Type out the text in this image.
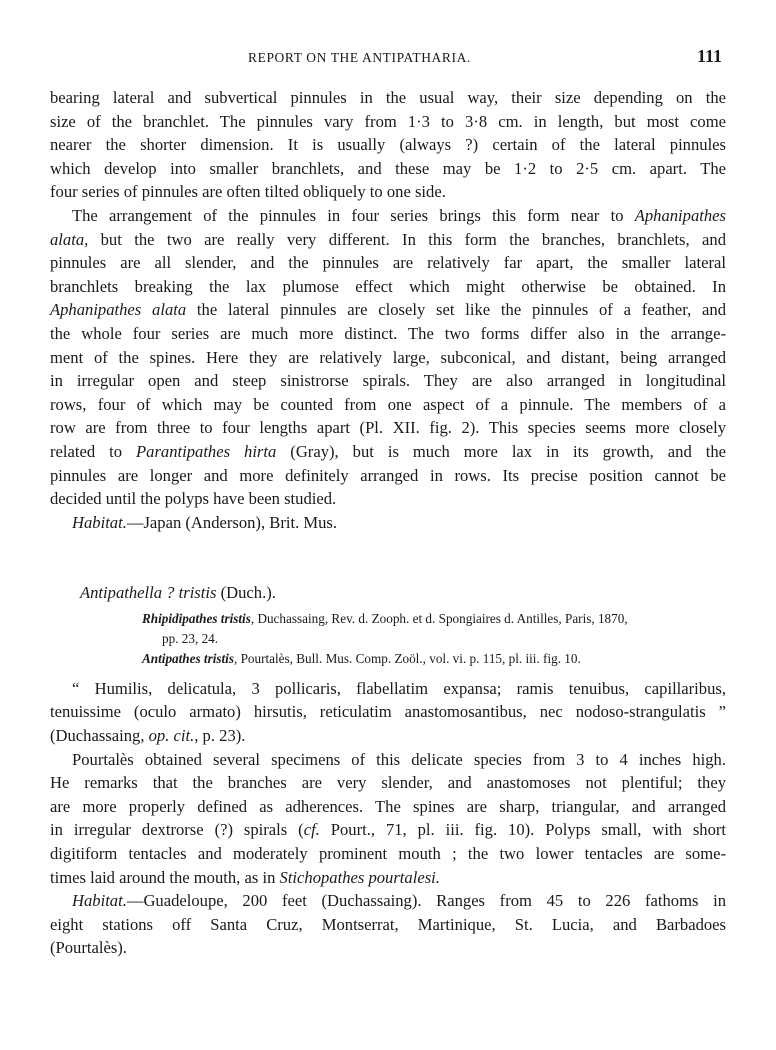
REPORT ON THE ANTIPATHARIA.	111
bearing lateral and subvertical pinnules in the usual way, their size depending on the
size of the branchlet. The pinnules vary from 1·3 to 3·8 cm. in length, but most come
nearer the shorter dimension. It is usually (always ?) certain of the lateral pinnules
which develop into smaller branchlets, and these may be 1·2 to 2·5 cm. apart. The
four series of pinnules are often tilted obliquely to one side.
The arrangement of the pinnules in four series brings this form near to Aphanipathes
alata, but the two are really very different. In this form the branches, branchlets, and
pinnules are all slender, and the pinnules are relatively far apart, the smaller lateral
branchlets breaking the lax plumose effect which might otherwise be obtained. In
Aphanipathes alata the lateral pinnules are closely set like the pinnules of a feather, and
the whole four series are much more distinct. The two forms differ also in the arrange-
ment of the spines. Here they are relatively large, subconical, and distant, being arranged
in irregular open and steep sinistrorse spirals. They are also arranged in longitudinal
rows, four of which may be counted from one aspect of a pinnule. The members of a
row are from three to four lengths apart (Pl. XII. fig. 2). This species seems more closely
related to Parantipathes hirta (Gray), but is much more lax in its growth, and the
pinnules are longer and more definitely arranged in rows. Its precise position cannot be
decided until the polyps have been studied.
Habitat.—Japan (Anderson), Brit. Mus.
Antipathella ? tristis (Duch.).
Rhipidipathes tristis, Duchassaing, Rev. d. Zooph. et d. Spongiaires d. Antilles, Paris, 1870,
pp. 23, 24.
Antipathes tristis, Pourtalès, Bull. Mus. Comp. Zoöl., vol. vi. p. 115, pl. iii. fig. 10.
“ Humilis, delicatula, 3 pollicaris, flabellatim expansa; ramis tenuibus, capillaribus,
tenuissime (oculo armato) hirsutis, reticulatim anastomosantibus, nec nodoso-strangulatis ”
(Duchassaing, op. cit., p. 23).
Pourtalès obtained several specimens of this delicate species from 3 to 4 inches high.
He remarks that the branches are very slender, and anastomoses not plentiful; they
are more properly defined as adherences. The spines are sharp, triangular, and arranged
in irregular dextrorse (?) spirals (cf. Pourt., 71, pl. iii. fig. 10). Polyps small, with short
digitiform tentacles and moderately prominent mouth ; the two lower tentacles are some-
times laid around the mouth, as in Stichopathes pourtalesi.
Habitat.—Guadeloupe, 200 feet (Duchassaing). Ranges from 45 to 226 fathoms in
eight stations off Santa Cruz, Montserrat, Martinique, St. Lucia, and Barbadoes
(Pourtalès).
